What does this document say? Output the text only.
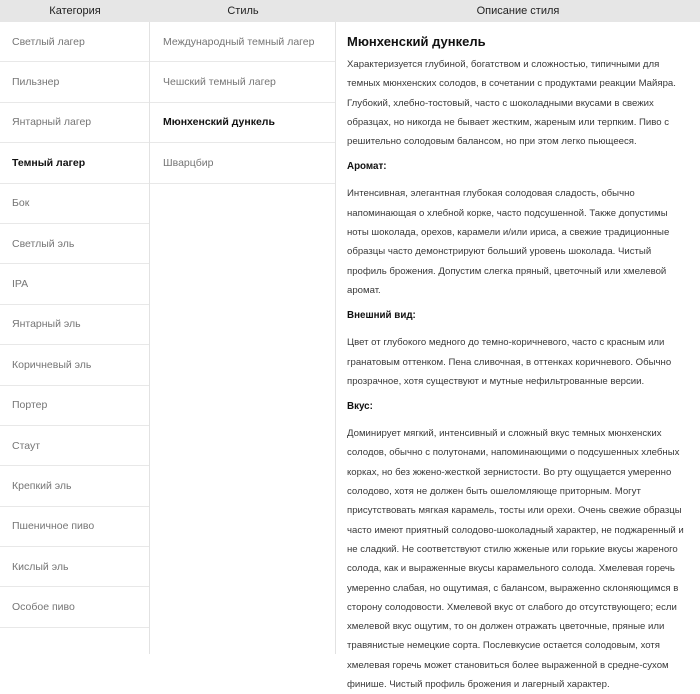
Категория	Стиль	Описание стиля
Светлый лагер
Пильзнер
Янтарный лагер
Темный лагер
Бок
Светлый эль
IPA
Янтарный эль
Коричневый эль
Портер
Стаут
Крепкий эль
Пшеничное пиво
Кислый эль
Особое пиво
Международный темный лагер
Чешский темный лагер
Мюнхенский дункель
Шварцбир
Мюнхенский дункель
Характеризуется глубиной, богатством и сложностью, типичными для темных мюнхенских солодов, в сочетании с продуктами реакции Майяра. Глубокий, хлебно-тостовый, часто с шоколадными вкусами в свежих образцах, но никогда не бывает жестким, жареным или терпким. Пиво с решительно солодовым балансом, но при этом легко пьющееся.
Аромат:
Интенсивная, элегантная глубокая солодовая сладость, обычно напоминающая о хлебной корке, часто подсушенной. Также допустимы ноты шоколада, орехов, карамели и/или ириса, а свежие традиционные образцы часто демонстрируют больший уровень шоколада. Чистый профиль брожения. Допустим слегка пряный, цветочный или хмелевой аромат.
Внешний вид:
Цвет от глубокого медного до темно-коричневого, часто с красным или гранатовым оттенком. Пена сливочная, в оттенках коричневого. Обычно прозрачное, хотя существуют и мутные нефильтрованные версии.
Вкус:
Доминирует мягкий, интенсивный и сложный вкус темных мюнхенских солодов, обычно с полутонами, напоминающими о подсушенных хлебных корках, но без жжено-жесткой зернистости. Во рту ощущается умеренно солодово, хотя не должен быть ошеломляюще приторным. Могут присутствовать мягкая карамель, тосты или орехи. Очень свежие образцы часто имеют приятный солодово-шоколадный характер, не поджаренный и не сладкий. Не соответствуют стилю жженые или горькие вкусы жареного солода, как и выраженные вкусы карамельного солода. Хмелевая горечь умеренно слабая, но ощутимая, с балансом, выраженно склоняющимся в сторону солодовости. Хмелевой вкус от слабого до отсутствующего; если хмелевой вкус ощутим, то он должен отражать цветочные, пряные или травянистые немецкие сорта. Послевкусие остается солодовым, хотя хмелевая горечь может становиться более выраженной в средне-сухом финише. Чистый профиль брожения и лагерный характер.
